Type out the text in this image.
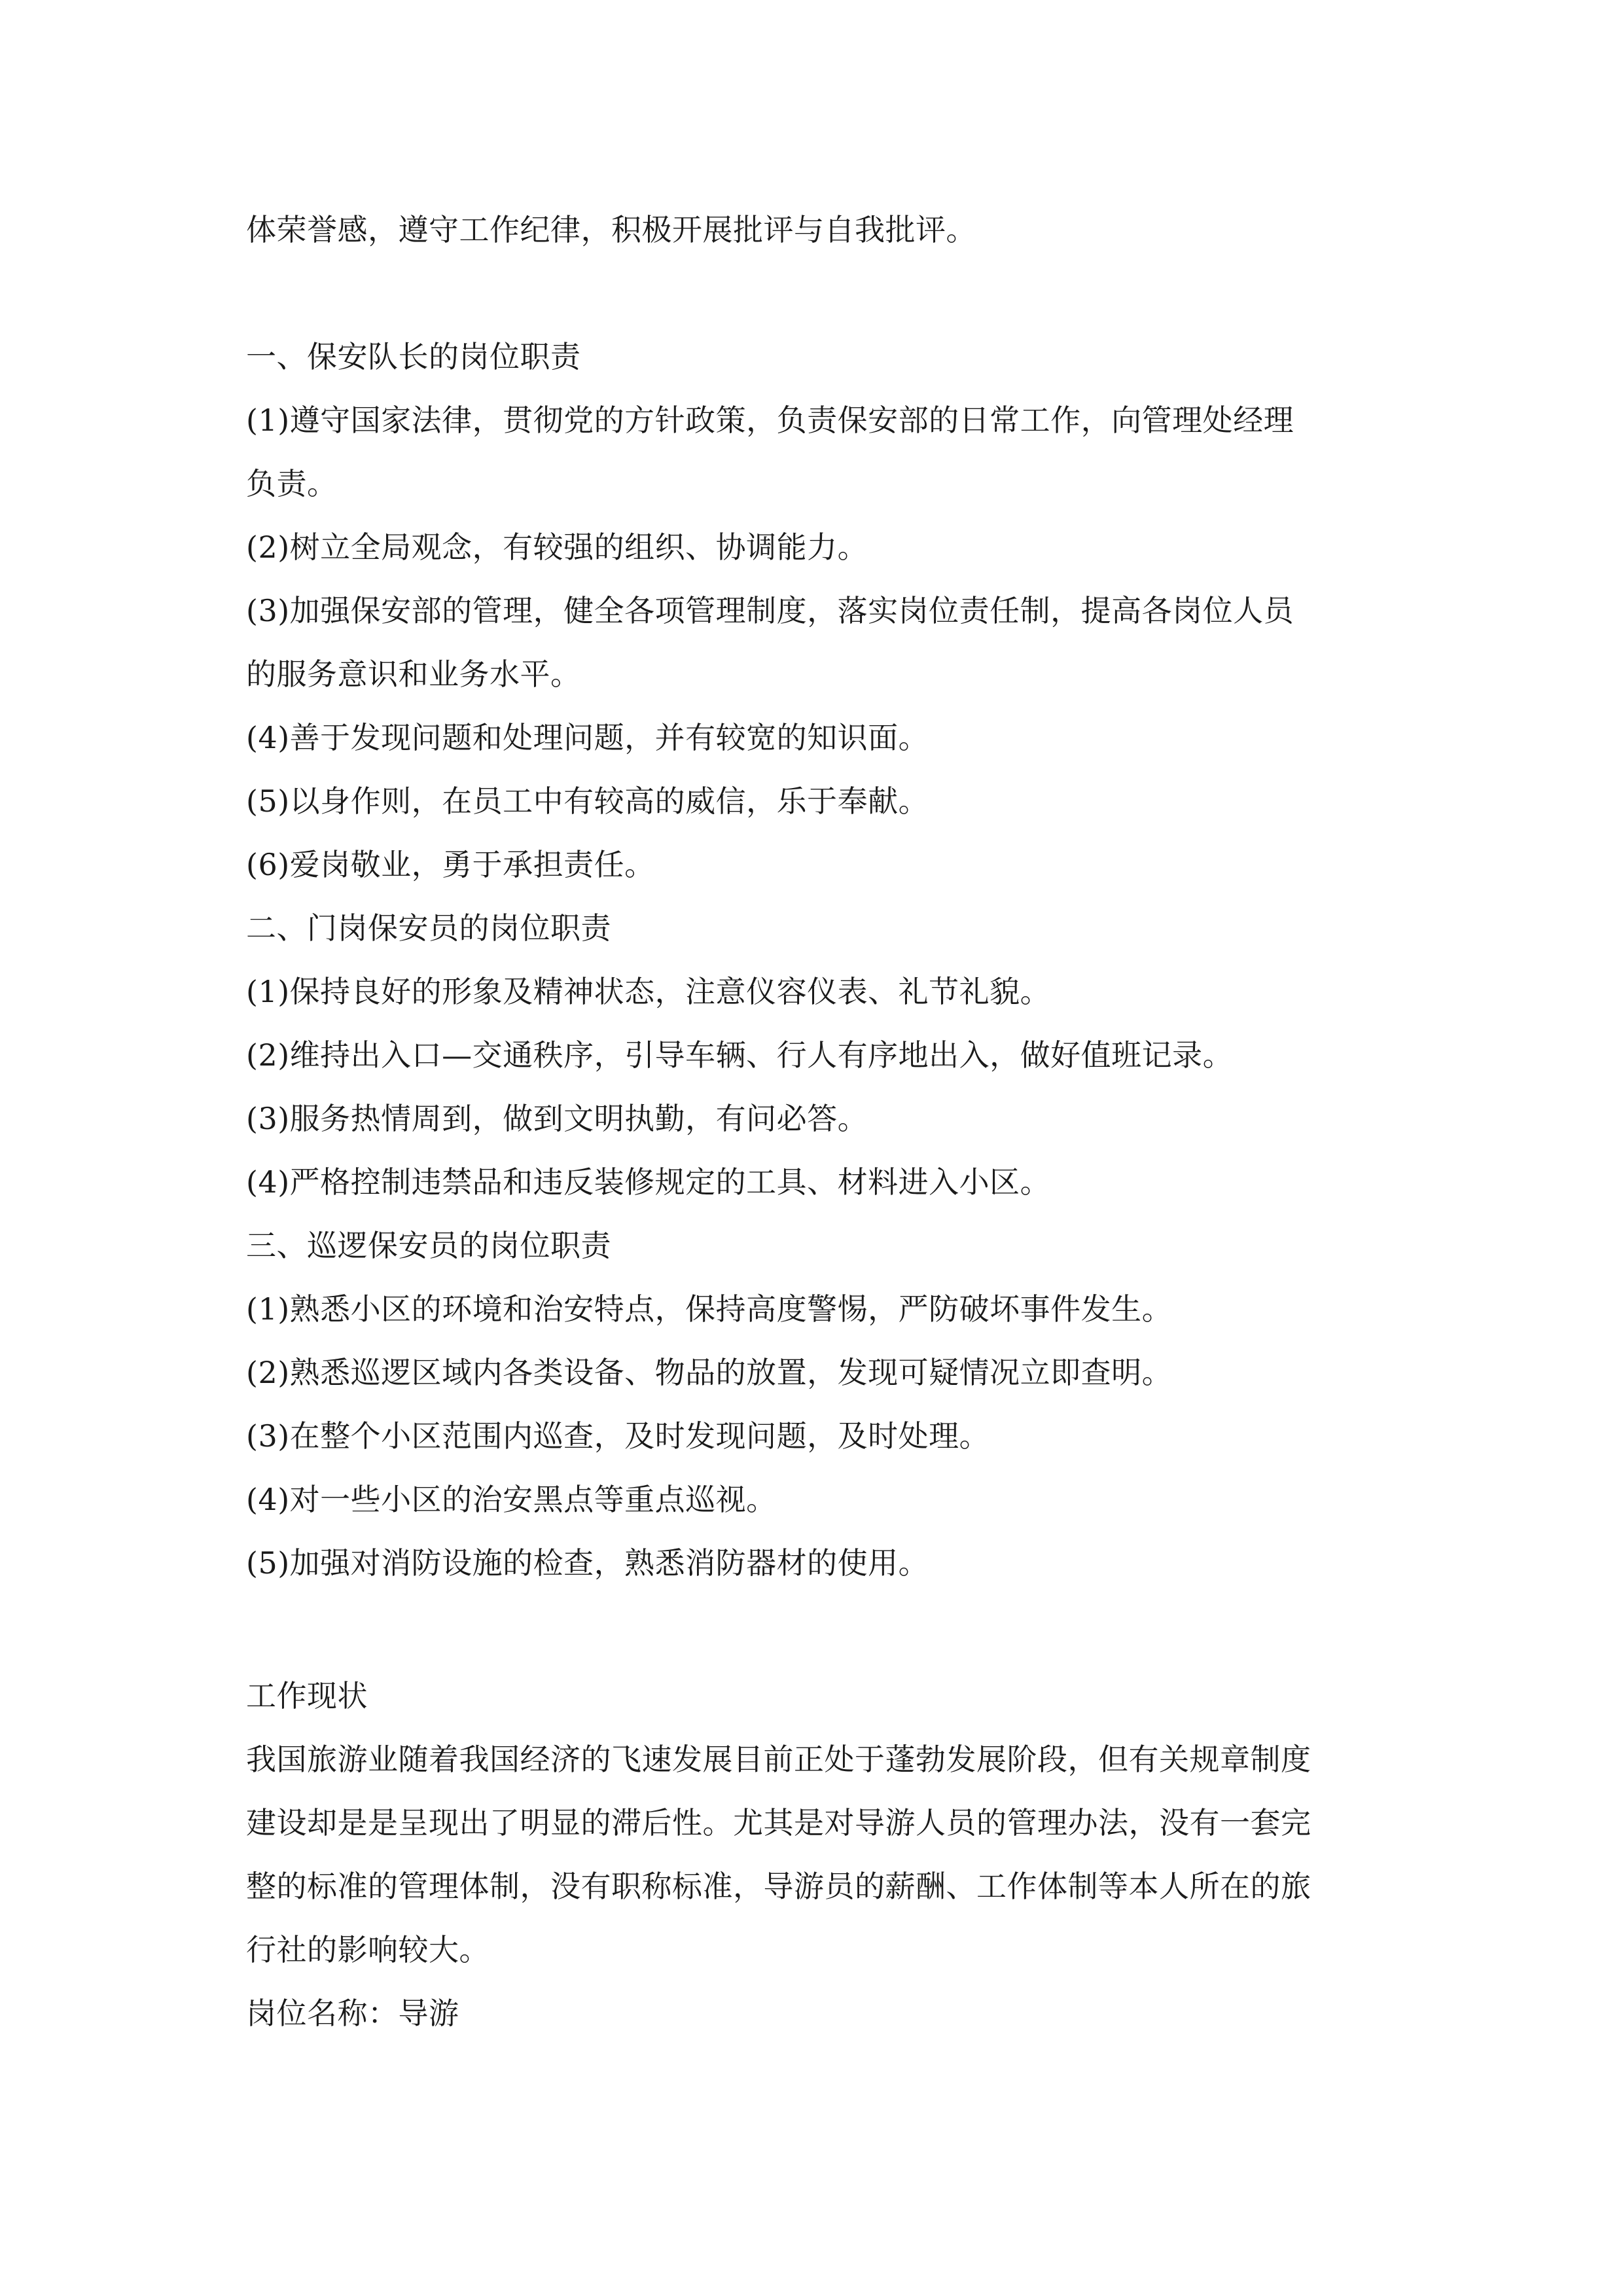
体荣誉感，遵守工作纪律，积极开展批评与自我批评。
一、保安队长的岗位职责
(1)遵守国家法律，贯彻党的方针政策，负责保安部的日常工作，向管理处经理
负责。
(2)树立全局观念，有较强的组织、协调能力。
(3)加强保安部的管理，健全各项管理制度，落实岗位责任制，提高各岗位人员
的服务意识和业务水平。
(4)善于发现问题和处理问题，并有较宽的知识面。
(5)以身作则，在员工中有较高的威信，乐于奉献。
(6)爱岗敬业，勇于承担责任。
二、门岗保安员的岗位职责
(1)保持良好的形象及精神状态，注意仪容仪表、礼节礼貌。
(2)维持出入口—交通秩序，引导车辆、行人有序地出入，做好值班记录。
(3)服务热情周到，做到文明执勤，有问必答。
(4)严格控制违禁品和违反装修规定的工具、材料进入小区。
三、巡逻保安员的岗位职责
(1)熟悉小区的环境和治安特点，保持高度警惕，严防破坏事件发生。
(2)熟悉巡逻区域内各类设备、物品的放置，发现可疑情况立即查明。
(3)在整个小区范围内巡查，及时发现问题，及时处理。
(4)对一些小区的治安黑点等重点巡视。
(5)加强对消防设施的检查，熟悉消防器材的使用。
工作现状
我国旅游业随着我国经济的飞速发展目前正处于蓬勃发展阶段，但有关规章制度
建设却是是呈现出了明显的滞后性。尤其是对导游人员的管理办法，没有一套完
整的标准的管理体制，没有职称标准，导游员的薪酬、工作体制等本人所在的旅
行社的影响较大。
岗位名称：导游
